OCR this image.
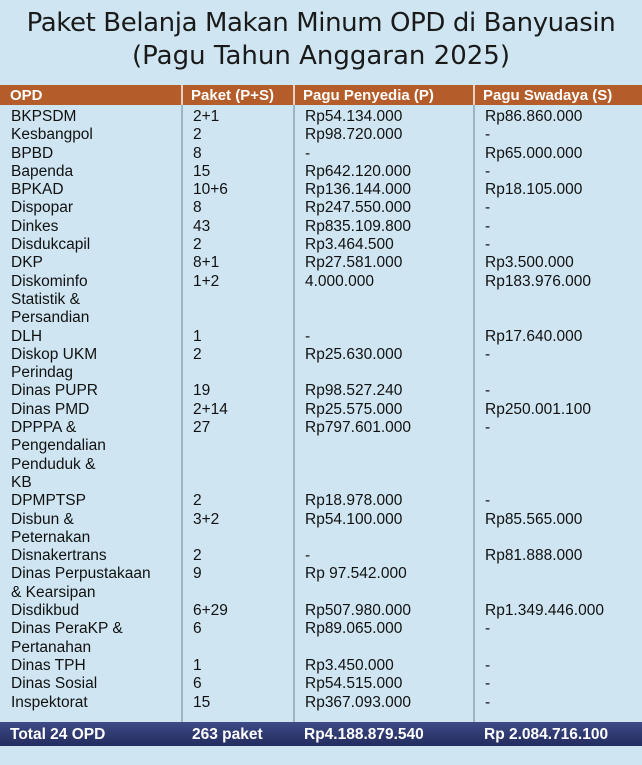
Paket Belanja Makan Minum OPD di Banyuasin
(Pagu Tahun Anggaran 2025)
OPD	Paket (P+S)	Pagu Penyedia (P)	Pagu Swadaya (S)
BKPSDM	2+1	Rp54.134.000	Rp86.860.000
Kesbangpol	2	Rp98.720.000	-
BPBD	8	-	Rp65.000.000
Bapenda	15	Rp642.120.000	-
BPKAD	10+6	Rp136.144.000	Rp18.105.000
Dispopar	8	Rp247.550.000	-
Dinkes	43	Rp835.109.800	-
Disdukcapil	2	Rp3.464.500	-
DKP	8+1	Rp27.581.000	Rp3.500.000
Diskominfo
Statistik &
Persandian	1+2	4.000.000	Rp183.976.000
DLH	1	-	Rp17.640.000
Diskop UKM
Perindag	2	Rp25.630.000	-
Dinas PUPR	19	Rp98.527.240	-
Dinas PMD	2+14	Rp25.575.000	Rp250.001.100
DPPPA &
Pengendalian
Penduduk &
KB	27	Rp797.601.000	-
DPMPTSP	2	Rp18.978.000	-
Disbun &
Peternakan	3+2	Rp54.100.000	Rp85.565.000
Disnakertrans	2	-	Rp81.888.000
Dinas Perpustakaan
& Kearsipan	9	Rp 97.542.000	
Disdikbud	6+29	Rp507.980.000	Rp1.349.446.000
Dinas PeraKP &
Pertanahan	6	Rp89.065.000	-
Dinas TPH	1	Rp3.450.000	-
Dinas Sosial	6	Rp54.515.000	-
Inspektorat	15	Rp367.093.000	-
Total 24 OPD	263 paket	Rp4.188.879.540	Rp 2.084.716.100
